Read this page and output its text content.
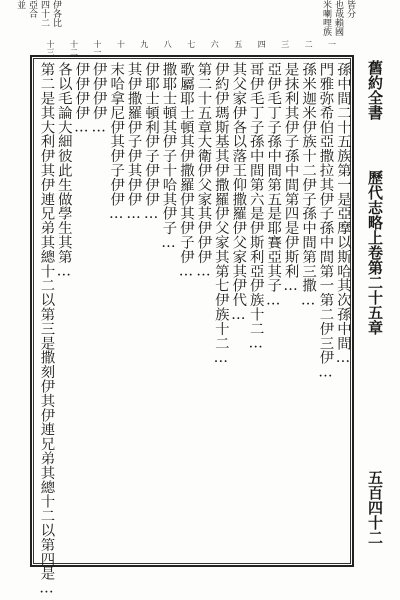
米喇哩族 也哉賴國 皆分
伊各比
四十二
亞合
並
一
二
三
四
五
六
七
八
九
十
十一
十二
十三
舊約全書
歷代志略上卷第二十五章
五百四十二
孫中間二十五族第一是亞摩以斯哈其次孫中間…
門雅弥希伯亞撒拉其伊子孫中間第一第二伊三伊…
孫米迦米伊族十二伊子孫中間第三撒…
是抹利其伊子孫中間第四是伊斯利…
亞伊毛丁子孫中間第五是耶賽亞其子…
哥伊毛丁子孫中間第六是伊斯利亞伊族十二…
其父家伊各以落王仰撒羅伊父家其伊代…
伊約伊瑪斯基其伊撒羅伊父家其第七伊族十二…
第二十五章大衛伊父家其伊伊伊…
歌屬耶士頓其伊撒羅伊其伊子伊…
撒耶士頓其伊子十哈其伊子…
伊耶士頓利伊子伊伊伊…
其伊撒羅伊子伊其伊伊…
末哈拿尼伊其伊子伊伊…
伊伊伊伊…
伊伊伊伊…
各以毛論大細彼此生做學生其第…
第二是其大利伊其伊連兄弟其總十二以第三是撒刻伊其伊連兄弟其總十二以第四是…
